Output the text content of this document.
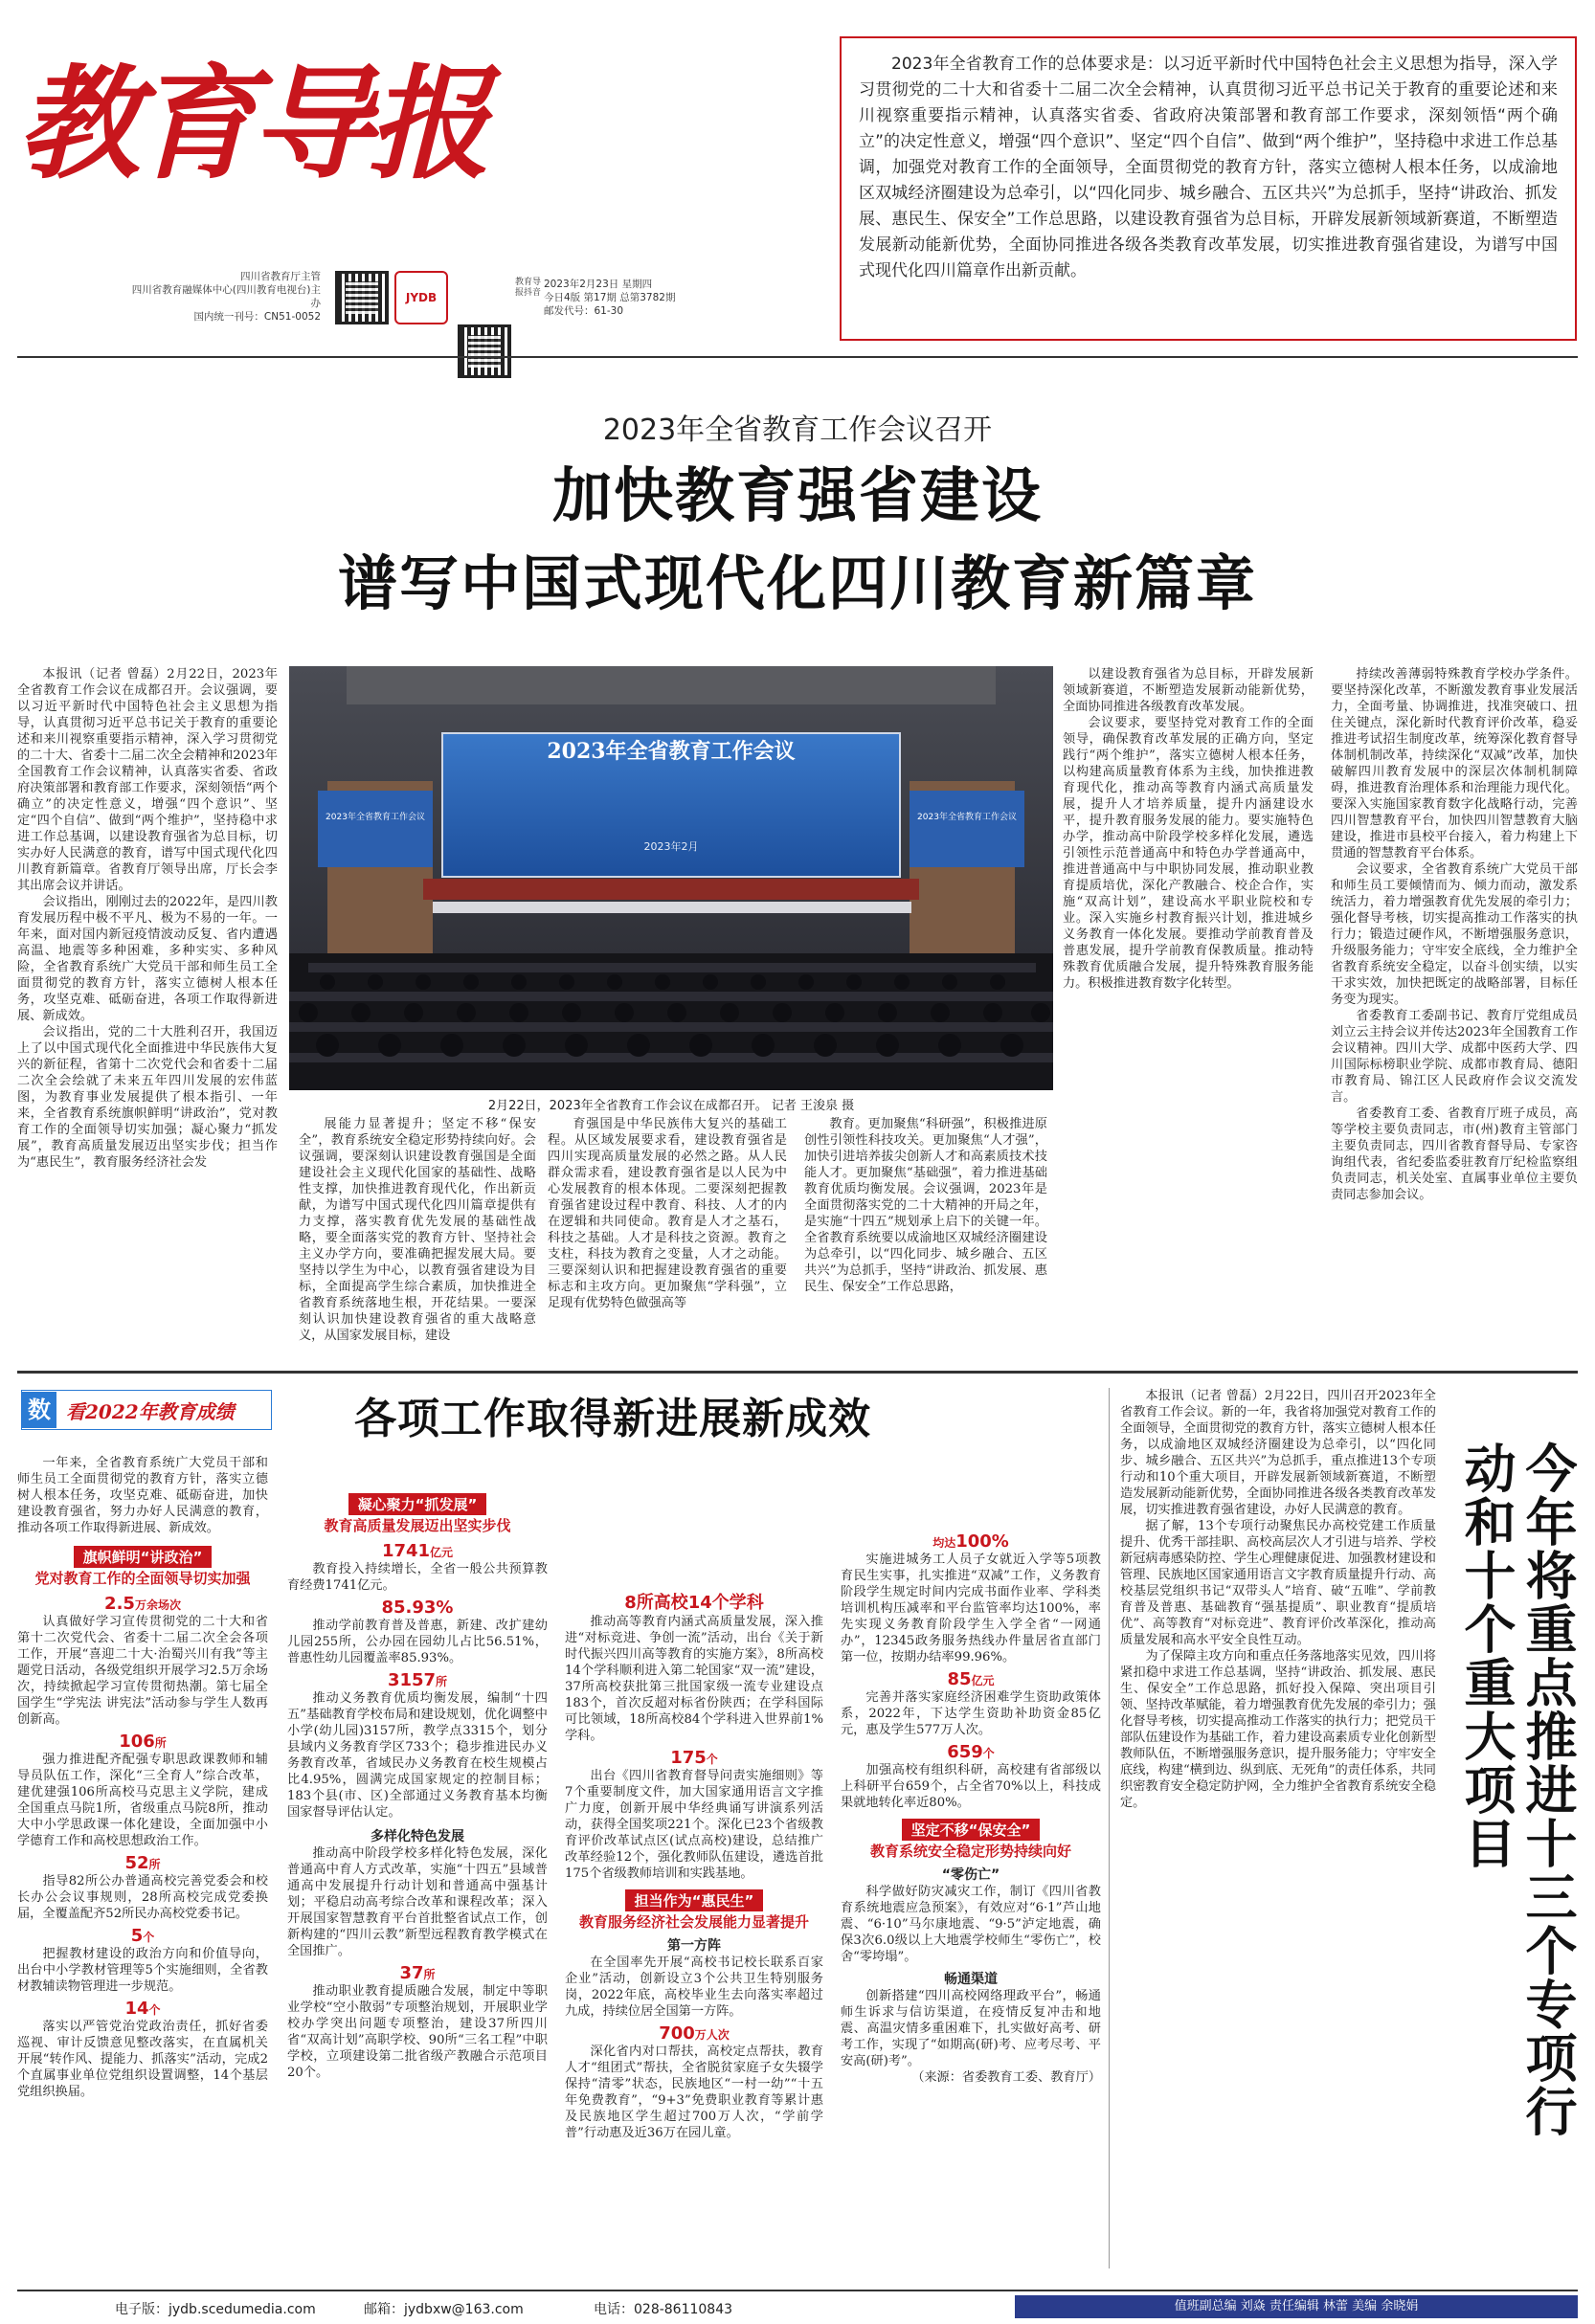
教育导报
四川省教育厅主管
四川省教育融媒体中心(四川教育电视台)主办
国内统一刊号：CN51-0052
JYDB
教育导报抖音
2023年2月23日 星期四
今日4版 第17期 总第3782期
邮发代号：61-30
2023年全省教育工作的总体要求是：以习近平新时代中国特色社会主义思想为指导，深入学习贯彻党的二十大和省委十二届二次全会精神，认真贯彻习近平总书记关于教育的重要论述和来川视察重要指示精神，认真落实省委、省政府决策部署和教育部工作要求，深刻领悟“两个确立”的决定性意义，增强“四个意识”、坚定“四个自信”、做到“两个维护”，坚持稳中求进工作总基调，加强党对教育工作的全面领导，全面贯彻党的教育方针，落实立德树人根本任务，以成渝地区双城经济圈建设为总牵引，以“四化同步、城乡融合、五区共兴”为总抓手，坚持“讲政治、抓发展、惠民生、保安全”工作总思路，以建设教育强省为总目标，开辟发展新领域新赛道，不断塑造发展新动能新优势，全面协同推进各级各类教育改革发展，切实推进教育强省建设，为谱写中国式现代化四川篇章作出新贡献。
2023年全省教育工作会议召开
加快教育强省建设
谱写中国式现代化四川教育新篇章
2023年全省教育工作会议
2023年全省教育工作会议	2023年全省教育工作会议
2023年2月
2月22日，2023年全省教育工作会议在成都召开。 记者 王浚泉 摄

本报讯（记者 曾磊）2月22日，2023年全省教育工作会议在成都召开。会议强调，要以习近平新时代中国特色社会主义思想为指导，认真贯彻习近平总书记关于教育的重要论述和来川视察重要指示精神，深入学习贯彻党的二十大、省委十二届二次全会精神和2023年全国教育工作会议精神，认真落实省委、省政府决策部署和教育部工作要求，深刻领悟“两个确立”的决定性意义，增强“四个意识”、坚定“四个自信”、做到“两个维护”，坚持稳中求进工作总基调，以建设教育强省为总目标，切实办好人民满意的教育，谱写中国式现代化四川教育新篇章。省教育厅领导出席，厅长会李其出席会议并讲话。

会议指出，刚刚过去的2022年，是四川教育发展历程中极不平凡、极为不易的一年。一年来，面对国内新冠疫情波动反复、省内遭遇高温、地震等多种困难，多种实实、多种风险，全省教育系统广大党员干部和师生员工全面贯彻党的教育方针，落实立德树人根本任务，攻坚克难、砥砺奋进，各项工作取得新进展、新成效。

会议指出，党的二十大胜利召开，我国迈上了以中国式现代化全面推进中华民族伟大复兴的新征程，省第十二次党代会和省委十二届二次全会绘就了未来五年四川发展的宏伟蓝图，为教育事业发展提供了根本指引、一年来，全省教育系统旗帜鲜明“讲政治”，党对教育工作的全面领导切实加强；凝心聚力“抓发展”，教育高质量发展迈出坚实步伐；担当作为“惠民生”，教育服务经济社会发

展能力显著提升；坚定不移“保安全”，教育系统安全稳定形势持续向好。会议强调，要深刻认识建设教育强国是全面建设社会主义现代化国家的基础性、战略性支撑，加快推进教育现代化，作出新贡献，为谱写中国式现代化四川篇章提供有力支撑，落实教育优先发展的基础性战略，要全面落实党的教育方针、坚持社会主义办学方向，要准确把握发展大局。要坚持以学生为中心，以教育强省建设为目标，全面提高学生综合素质，加快推进全省教育系统落地生根，开花结果。一要深刻认识加快建设教育强省的重大战略意义，从国家发展目标，建设

育强国是中华民族伟大复兴的基础工程。从区域发展要求看，建设教育强省是四川实现高质量发展的必然之路。从人民群众需求看，建设教育强省是以人民为中心发展教育的根本体现。二要深刻把握教育强省建设过程中教育、科技、人才的内在逻辑和共同使命。教育是人才之基石，科技之基础。人才是科技之资源。教育之支柱，科技为教育之变量，人才之动能。三要深刻认识和把握建设教育强省的重要标志和主攻方向。更加聚焦“学科强”，立足现有优势特色做强高等

教育。更加聚焦“科研强”，积极推进原创性引领性科技攻关。更加聚焦“人才强”，加快引进培养拔尖创新人才和高素质技术技能人才。更加聚焦“基础强”，着力推进基础教育优质均衡发展。会议强调，2023年是全面贯彻落实党的二十大精神的开局之年，是实施“十四五”规划承上启下的关键一年。全省教育系统要以成渝地区双城经济圈建设为总牵引，以“四化同步、城乡融合、五区共兴”为总抓手，坚持“讲政治、抓发展、惠民生、保安全”工作总思路，

以建设教育强省为总目标，开辟发展新领域新赛道，不断塑造发展新动能新优势，全面协同推进各级教育改革发展。

会议要求，要坚持党对教育工作的全面领导，确保教育改革发展的正确方向，坚定践行“两个维护”，落实立德树人根本任务，以构建高质量教育体系为主线，加快推进教育现代化，推动高等教育内涵式高质量发展，提升人才培养质量，提升内涵建设水平，提升教育服务发展的能力。要实施特色办学，推动高中阶段学校多样化发展，遴选引领性示范普通高中和特色办学普通高中，推进普通高中与中职协同发展，推动职业教育提质培优，深化产教融合、校企合作，实施“双高计划”，建设高水平职业院校和专业。深入实施乡村教育振兴计划，推进城乡义务教育一体化发展。要推动学前教育普及普惠发展，提升学前教育保教质量。推动特殊教育优质融合发展，提升特殊教育服务能力。积极推进教育数字化转型。

持续改善薄弱特殊教育学校办学条件。要坚持深化改革，不断激发教育事业发展活力，全面考量、协调推进，找准突破口、扭住关键点，深化新时代教育评价改革，稳妥推进考试招生制度改革，统筹深化教育督导体制机制改革，持续深化“双减”改革，加快破解四川教育发展中的深层次体制机制障碍，推进教育治理体系和治理能力现代化。要深入实施国家教育数字化战略行动，完善四川智慧教育平台，加快四川智慧教育大脑建设，推进市县校平台接入，着力构建上下贯通的智慧教育平台体系。

会议要求，全省教育系统广大党员干部和师生员工要倾情而为、倾力而动，激发系统活力，着力增强教育优先发展的牵引力；强化督导考核，切实提高推动工作落实的执行力；锻造过硬作风，不断增强服务意识，升级服务能力；守牢安全底线，全力维护全省教育系统安全稳定，以奋斗创实绩，以实干求实效，加快把既定的战略部署，目标任务变为现实。

省委教育工委副书记、教育厅党组成员刘立云主持会议并传达2023年全国教育工作会议精神。四川大学、成都中医药大学、四川国际标榜职业学院、成都市教育局、德阳市教育局、锦江区人民政府作会议交流发言。

省委教育工委、省教育厅班子成员，高等学校主要负责同志，市(州)教育主管部门主要负责同志，四川省教育督导局、专家咨询组代表，省纪委监委驻教育厅纪检监察组负责同志，机关处室、直属事业单位主要负责同志参加会议。

数 看2022年教育成绩	各项工作取得新进展新成效

一年来，全省教育系统广大党员干部和师生员工全面贯彻党的教育方针，落实立德树人根本任务，攻坚克难、砥砺奋进，加快建设教育强省，努力办好人民满意的教育，推动各项工作取得新进展、新成效。

旗帜鲜明“讲政治”
党对教育工作的全面领导切实加强
2.5万余场次

认真做好学习宣传贯彻党的二十大和省第十二次党代会、省委十二届二次全会各项工作，开展“喜迎二十大·治蜀兴川有我”等主题党日活动，各级党组织开展学习2.5万余场次，持续掀起学习宣传贯彻热潮。第七届全国学生“学宪法 讲宪法”活动参与学生人数再创新高。

106所

强力推进配齐配强专职思政课教师和辅导员队伍工作，深化“三全育人”综合改革，建优建强106所高校马克思主义学院，建成全国重点马院1所，省级重点马院8所，推动大中小学思政课一体化建设，全面加强中小学德育工作和高校思想政治工作。

52所

指导82所公办普通高校完善党委会和校长办公会议事规则，28所高校完成党委换届，全覆盖配齐52所民办高校党委书记。

5个

把握教材建设的政治方向和价值导向，出台中小学教材管理等5个实施细则，全省教材教辅读物管理进一步规范。

14个

落实以严管党治党政治责任，抓好省委巡视、审计反馈意见整改落实，在直属机关开展“转作风、提能力、抓落实”活动，完成2个直属事业单位党组织设置调整，14个基层党组织换届。

凝心聚力“抓发展”
教育高质量发展迈出坚实步伐
1741亿元

教育投入持续增长，全省一般公共预算教育经费1741亿元。

85.93%

推动学前教育普及普惠，新建、改扩建幼儿园255所，公办园在园幼儿占比56.51%，普惠性幼儿园覆盖率85.93%。

3157所

推动义务教育优质均衡发展，编制“十四五”基础教育学校布局和建设规划，优化调整中小学(幼儿园)3157所，教学点3315个，划分县域内义务教育学区733个；稳步推进民办义务教育改革，省域民办义务教育在校生规模占比4.95%，圆满完成国家规定的控制目标；183个县(市、区)全部通过义务教育基本均衡国家督导评估认定。

多样化特色发展

推动高中阶段学校多样化特色发展，深化普通高中育人方式改革，实施“十四五”县域普通高中发展提升行动计划和普通高中强基计划；平稳启动高考综合改革和课程改革；深入开展国家智慧教育平台首批整省试点工作，创新构建的“四川云教”新型远程教育教学模式在全国推广。

37所

推动职业教育提质融合发展，制定中等职业学校“空小散弱”专项整治规划，开展职业学校办学突出问题专项整治，建设37所四川省“双高计划”高职学校、90所“三名工程”中职学校，立项建设第二批省级产教融合示范项目20个。

8所高校14个学科

推动高等教育内涵式高质量发展，深入推进“对标竞进、争创一流”活动，出台《关于新时代振兴四川高等教育的实施方案》，8所高校14个学科顺利进入第二轮国家“双一流”建设，37所高校获批第三批国家级一流专业建设点183个，首次反超对标省份陕西；在学科国际可比领域，18所高校84个学科进入世界前1%学科。

175个

出台《四川省教育督导问责实施细则》等7个重要制度文件，加大国家通用语言文字推广力度，创新开展中华经典诵写讲演系列活动，获得全国奖项221个。深化已23个省级教育评价改革试点区(试点高校)建设，总结推广改革经验12个，强化教师队伍建设，遴选首批175个省级教师培训和实践基地。

担当作为“惠民生”
教育服务经济社会发展能力显著提升
第一方阵

在全国率先开展“高校书记校长联系百家企业”活动，创新设立3个公共卫生特别服务岗，2022年底，高校毕业生去向落实率超过九成，持续位居全国第一方阵。

700万人次

深化省内对口帮扶，高校定点帮扶，教育人才“组团式”帮扶，全省脱贫家庭子女失辍学保持“清零”状态，民族地区“一村一幼”“十五年免费教育”，“9+3”免费职业教育等累计惠及民族地区学生超过700万人次，“学前学普”行动惠及近36万在园儿童。

均达100%

实施进城务工人员子女就近入学等5项教育民生实事，扎实推进“双减”工作，义务教育阶段学生规定时间内完成书面作业率、学科类培训机构压减率和平台监管率均达100%，率先实现义务教育阶段学生入学全省“一网通办”，12345政务服务热线办件量居省直部门第一位，按期办结率99.96%。

85亿元

完善并落实家庭经济困难学生资助政策体系，2022年，下达学生资助补助资金85亿元，惠及学生577万人次。

659个

加强高校有组织科研，高校建有省部级以上科研平台659个，占全省70%以上，科技成果就地转化率近80%。

坚定不移“保安全”
教育系统安全稳定形势持续向好
“零伤亡”

科学做好防灾减灾工作，制订《四川省教育系统地震应急预案》，有效应对“6·1”芦山地震、“6·10”马尔康地震、“9·5”泸定地震，确保3次6.0级以上大地震学校师生“零伤亡”，校舍“零垮塌”。

畅通渠道

创新搭建“四川高校网络理政平台”，畅通师生诉求与信访渠道，在疫情反复冲击和地震、高温灾情多重困难下，扎实做好高考、研考工作，实现了“如期高(研)考、应考尽考、平安高(研)考”。

（来源：省委教育工委、教育厅）

本报讯（记者 曾磊）2月22日，四川召开2023年全省教育工作会议。新的一年，我省将加强党对教育工作的全面领导，全面贯彻党的教育方针，落实立德树人根本任务，以成渝地区双城经济圈建设为总牵引，以“四化同步、城乡融合、五区共兴”为总抓手，重点推进13个专项行动和10个重大项目，开辟发展新领域新赛道，不断塑造发展新动能新优势，全面协同推进各级各类教育改革发展，切实推进教育强省建设，办好人民满意的教育。

据了解，13个专项行动聚焦民办高校党建工作质量提升、优秀干部挂职、高校高层次人才引进与培养、学校新冠病毒感染防控、学生心理健康促进、加强教材建设和管理、民族地区国家通用语言文字教育质量提升行动、高校基层党组织书记“双带头人”培育、破“五唯”、学前教育普及普惠、基础教育“强基提质”、职业教育“提质培优”、高等教育“对标竞进”、教育评价改革深化，推动高质量发展和高水平安全良性互动。

为了保障主攻方向和重点任务落地落实见效，四川将紧扣稳中求进工作总基调，坚持“讲政治、抓发展、惠民生、保安全”工作总思路，抓好投入保障、突出项目引领、坚持改革赋能，着力增强教育优先发展的牵引力；强化督导考核，切实提高推动工作落实的执行力；把党员干部队伍建设作为基础工作，着力建设高素质专业化创新型教师队伍，不断增强服务意识，提升服务能力；守牢安全底线，构建“横到边、纵到底、无死角”的责任体系，共同织密教育安全稳定防护网，全力维护全省教育系统安全稳定。	今年将重点推进十三个专项行动和十个重大项目
电子版：jydb.scedumedia.com	邮箱：jydbxw@163.com	电话：028-86110843	值班副总编 刘焱 责任编辑 林蕾 美编 余晓娟
